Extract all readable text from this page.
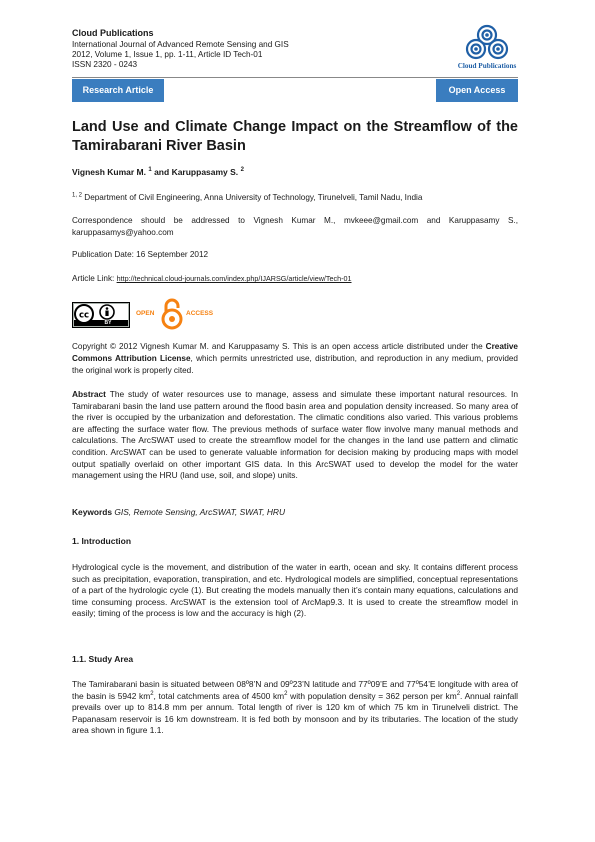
Cloud Publications
International Journal of Advanced Remote Sensing and GIS
2012, Volume 1, Issue 1, pp. 1-11, Article ID Tech-01
ISSN 2320 - 0243	Cloud Publications
Research Article	Open Access
Land Use and Climate Change Impact on the Streamflow of the Tamirabarani River Basin
Vignesh Kumar M. $^1$ and Karuppasamy S. $^2$
$^{1, 2}$ Department of Civil Engineering, Anna University of Technology, Tirunelveli, Tamil Nadu, India
Correspondence should be addressed to Vignesh Kumar M., mvkeee@gmail.com and Karuppasamy S., karuppasamys@yahoo.com
Publication Date: 16 September 2012
Article Link: http://technical.cloud-journals.com/index.php/IJARSG/article/view/Tech-01
cc
BY
OPEN	ACCESS
Copyright © 2012 Vignesh Kumar M. and Karuppasamy S. This is an open access article distributed under the Creative Commons Attribution License, which permits unrestricted use, distribution, and reproduction in any medium, provided the original work is properly cited.
Abstract The study of water resources use to manage, assess and simulate these important natural resources. In Tamirabarani basin the land use pattern around the flood basin area and population density increased. So many area of the river is occupied by the urbanization and deforestation. The climatic conditions also varied. This various problems are affecting the surface water flow. The previous methods of surface water flow involve many manual methods and calculations. The ArcSWAT used to create the streamflow model for the changes in the land use pattern and climatic condition. ArcSWAT can be used to generate valuable information for decision making by producing maps with model output spatially overlaid on other important GIS data. In this ArcSWAT used to develop the model for the water management using the HRU (land use, soil, and slope) units.
Keywords GIS, Remote Sensing, ArcSWAT, SWAT, HRU
1. Introduction
Hydrological cycle is the movement, and distribution of the water in earth, ocean and sky. It contains different process such as precipitation, evaporation, transpiration, and etc. Hydrological models are simplified, conceptual representations of a part of the hydrologic cycle (1). But creating the models manually then it’s contain many equations, calculations and time consuming process. ArcSWAT is the extension tool of ArcMap9.3. It is used to create the streamflow model in easily; timing of the process is low and the accuracy is high (2).
1.1. Study Area
The Tamirabarani basin is situated between 08º8’N and 09º23’N latitude and 77º09’E and 77º54’E longitude with area of the basin is 5942 $km^2$, total catchments area of 4500 $km^2$ with population density = 362 person per $km^2$. Annual rainfall prevails over up to 814.8 mm per annum. Total length of river is 120 km of which 75 km in Tirunelveli district. The Papanasam reservoir is 16 km downstream. It is fed both by monsoon and by its tributaries. The location of the study area shown in figure 1.1.
